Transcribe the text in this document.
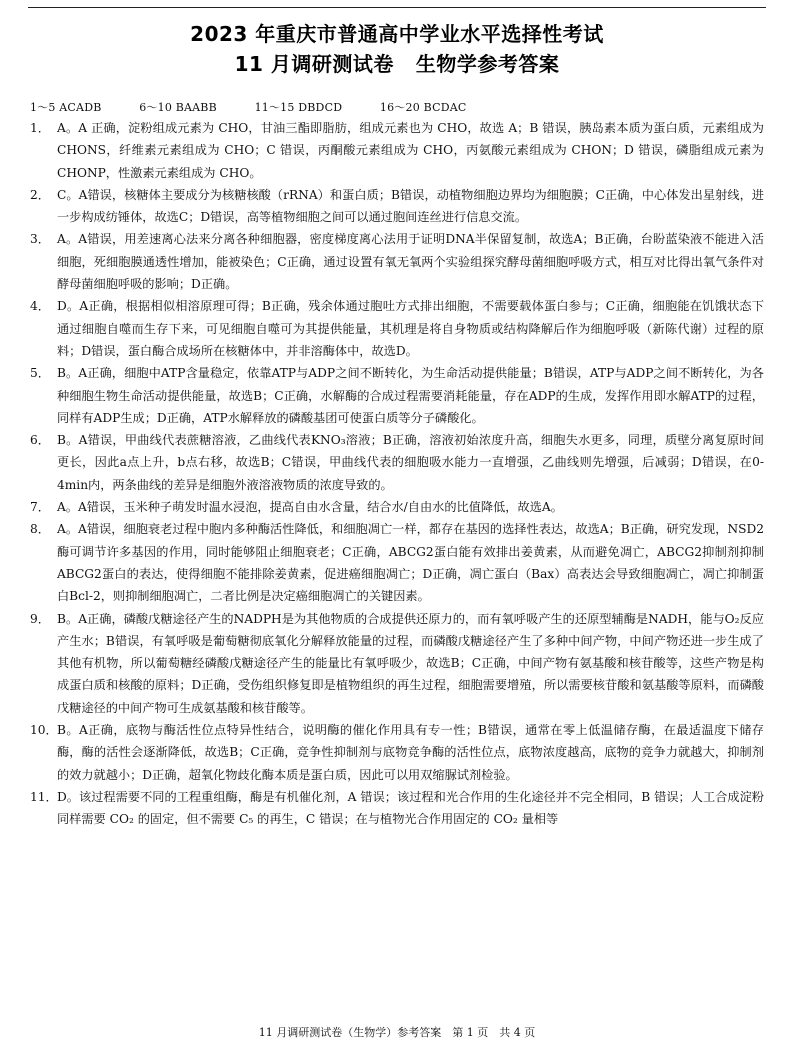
2023 年重庆市普通高中学业水平选择性考试
11 月调研测试卷 生物学参考答案
1～5 ACADB	6～10 BAABB	11～15 DBDCD	16～20 BCDAC

1． A。A 正确，淀粉组成元素为 CHO，甘油三酯即脂肪，组成元素也为 CHO，故选 A；B 错误，胰岛素本质为蛋白质，元素组成为 CHONS，纤维素元素组成为 CHO；C 错误，丙酮酸元素组成为 CHO，丙氨酸元素组成为 CHON；D 错误，磷脂组成元素为 CHONP，性激素元素组成为 CHO。

2． C。A错误，核糖体主要成分为核糖核酸（rRNA）和蛋白质；B错误，动植物细胞边界均为细胞膜；C正确，中心体发出星射线，进一步构成纺锤体，故选C；D错误，高等植物细胞之间可以通过胞间连丝进行信息交流。

3． A。A错误，用差速离心法来分离各种细胞器，密度梯度离心法用于证明DNA半保留复制，故选A；B正确，台盼蓝染液不能进入活细胞，死细胞膜通透性增加，能被染色；C正确，通过设置有氧无氧两个实验组探究酵母菌细胞呼吸方式，相互对比得出氧气条件对酵母菌细胞呼吸的影响；D正确。

4． D。A正确，根据相似相溶原理可得；B正确，残余体通过胞吐方式排出细胞，不需要载体蛋白参与；C正确，细胞能在饥饿状态下通过细胞自噬而生存下来，可见细胞自噬可为其提供能量，其机理是将自身物质或结构降解后作为细胞呼吸（新陈代谢）过程的原料；D错误，蛋白酶合成场所在核糖体中，并非溶酶体中，故选D。

5． B。A正确，细胞中ATP含量稳定，依靠ATP与ADP之间不断转化，为生命活动提供能量；B错误，ATP与ADP之间不断转化，为各种细胞生物生命活动提供能量，故选B；C正确，水解酶的合成过程需要消耗能量，存在ADP的生成，发挥作用即水解ATP的过程，同样有ADP生成；D正确，ATP水解释放的磷酸基团可使蛋白质等分子磷酸化。

6． B。A错误，甲曲线代表蔗糖溶液，乙曲线代表KNO₃溶液；B正确，溶液初始浓度升高，细胞失水更多，同理，质壁分离复原时间更长，因此a点上升，b点右移，故选B；C错误，甲曲线代表的细胞吸水能力一直增强，乙曲线则先增强，后减弱；D错误，在0-4min内，两条曲线的差异是细胞外液溶液物质的浓度导致的。

7． A。A错误，玉米种子萌发时温水浸泡，提高自由水含量，结合水/自由水的比值降低，故选A。

8． A。A错误，细胞衰老过程中胞内多种酶活性降低，和细胞凋亡一样，都存在基因的选择性表达，故选A；B正确，研究发现，NSD2酶可调节许多基因的作用，同时能够阻止细胞衰老；C正确，ABCG2蛋白能有效排出姜黄素，从而避免凋亡，ABCG2抑制剂抑制ABCG2蛋白的表达，使得细胞不能排除姜黄素，促进癌细胞凋亡；D正确，凋亡蛋白（Bax）高表达会导致细胞凋亡，凋亡抑制蛋白Bcl-2，则抑制细胞凋亡，二者比例是决定癌细胞凋亡的关键因素。

9． B。A正确，磷酸戊糖途径产生的NADPH是为其他物质的合成提供还原力的，而有氧呼吸产生的还原型辅酶是NADH，能与O₂反应产生水；B错误，有氧呼吸是葡萄糖彻底氧化分解释放能量的过程，而磷酸戊糖途径产生了多种中间产物，中间产物还进一步生成了其他有机物，所以葡萄糖经磷酸戊糖途径产生的能量比有氧呼吸少，故选B；C正确，中间产物有氨基酸和核苷酸等，这些产物是构成蛋白质和核酸的原料；D正确，受伤组织修复即是植物组织的再生过程，细胞需要增殖，所以需要核苷酸和氨基酸等原料，而磷酸戊糖途径的中间产物可生成氨基酸和核苷酸等。

10． B。A正确，底物与酶活性位点特异性结合，说明酶的催化作用具有专一性；B错误，通常在零上低温储存酶，在最适温度下储存酶，酶的活性会逐渐降低，故选B；C正确，竞争性抑制剂与底物竞争酶的活性位点，底物浓度越高，底物的竞争力就越大，抑制剂的效力就越小；D正确，超氧化物歧化酶本质是蛋白质，因此可以用双缩脲试剂检验。

11． D。该过程需要不同的工程重组酶，酶是有机催化剂，A 错误；该过程和光合作用的生化途径并不完全相同，B 错误；人工合成淀粉同样需要 CO₂ 的固定，但不需要 C₅ 的再生，C 错误；在与植物光合作用固定的 CO₂ 量相等

11 月调研测试卷（生物学）参考答案　第 1 页　共 4 页
